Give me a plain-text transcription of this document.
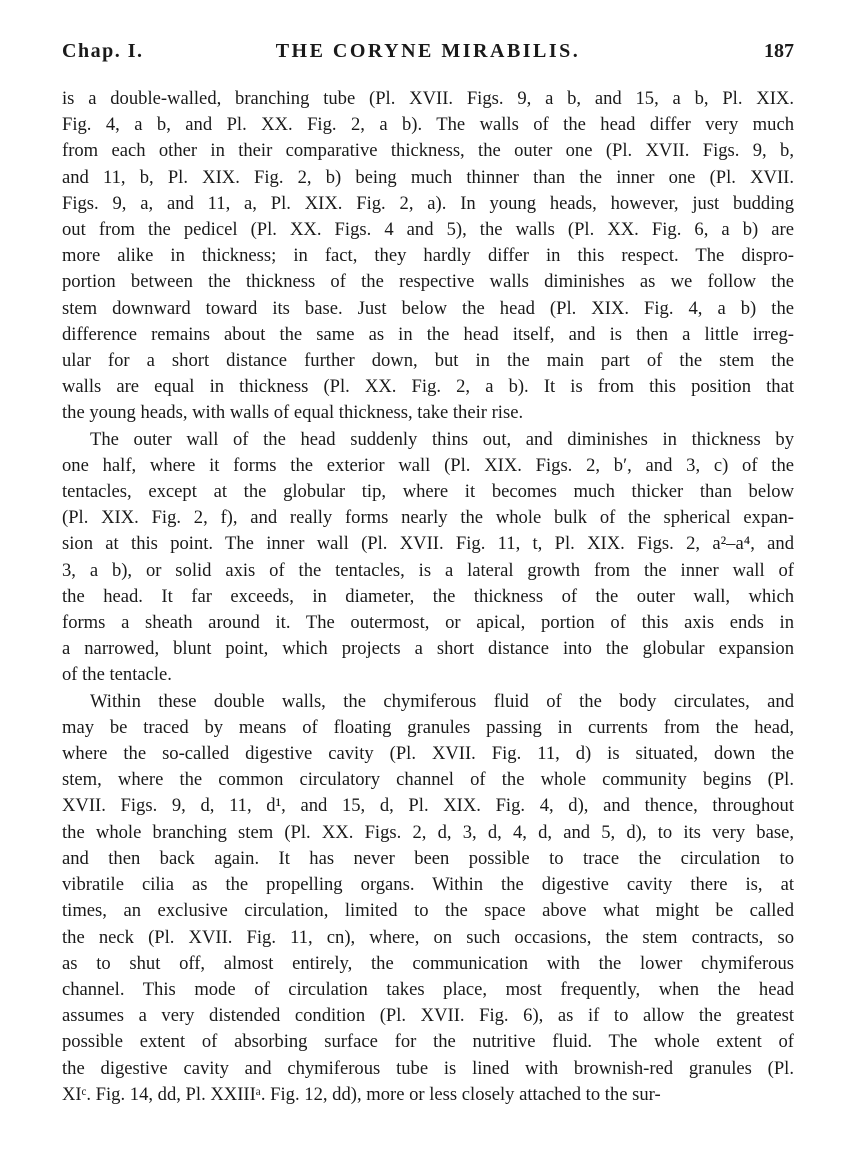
Chap. I.	THE CORYNE MIRABILIS.	187

is a double-walled, branching tube (Pl. XVII. Figs. 9, a b, and 15, a b, Pl. XIX.
Fig. 4, a b, and Pl. XX. Fig. 2, a b). The walls of the head differ very much
from each other in their comparative thickness, the outer one (Pl. XVII. Figs. 9, b,
and 11, b, Pl. XIX. Fig. 2, b) being much thinner than the inner one (Pl. XVII.
Figs. 9, a, and 11, a, Pl. XIX. Fig. 2, a). In young heads, however, just budding
out from the pedicel (Pl. XX. Figs. 4 and 5), the walls (Pl. XX. Fig. 6, a b) are
more alike in thickness; in fact, they hardly differ in this respect. The dispro-
portion between the thickness of the respective walls diminishes as we follow the
stem downward toward its base. Just below the head (Pl. XIX. Fig. 4, a b) the
difference remains about the same as in the head itself, and is then a little irreg-
ular for a short distance further down, but in the main part of the stem the
walls are equal in thickness (Pl. XX. Fig. 2, a b). It is from this position that
the young heads, with walls of equal thickness, take their rise.

The outer wall of the head suddenly thins out, and diminishes in thickness by
one half, where it forms the exterior wall (Pl. XIX. Figs. 2, b′, and 3, c) of the
tentacles, except at the globular tip, where it becomes much thicker than below
(Pl. XIX. Fig. 2, f), and really forms nearly the whole bulk of the spherical expan-
sion at this point. The inner wall (Pl. XVII. Fig. 11, t, Pl. XIX. Figs. 2, a²–a⁴, and
3, a b), or solid axis of the tentacles, is a lateral growth from the inner wall of
the head. It far exceeds, in diameter, the thickness of the outer wall, which
forms a sheath around it. The outermost, or apical, portion of this axis ends in
a narrowed, blunt point, which projects a short distance into the globular expansion
of the tentacle.

Within these double walls, the chymiferous fluid of the body circulates, and
may be traced by means of floating granules passing in currents from the head,
where the so-called digestive cavity (Pl. XVII. Fig. 11, d) is situated, down the
stem, where the common circulatory channel of the whole community begins (Pl.
XVII. Figs. 9, d, 11, d¹, and 15, d, Pl. XIX. Fig. 4, d), and thence, throughout
the whole branching stem (Pl. XX. Figs. 2, d, 3, d, 4, d, and 5, d), to its very base,
and then back again. It has never been possible to trace the circulation to
vibratile cilia as the propelling organs. Within the digestive cavity there is, at
times, an exclusive circulation, limited to the space above what might be called
the neck (Pl. XVII. Fig. 11, cn), where, on such occasions, the stem contracts, so
as to shut off, almost entirely, the communication with the lower chymiferous
channel. This mode of circulation takes place, most frequently, when the head
assumes a very distended condition (Pl. XVII. Fig. 6), as if to allow the greatest
possible extent of absorbing surface for the nutritive fluid. The whole extent of
the digestive cavity and chymiferous tube is lined with brownish-red granules (Pl.
XIᶜ. Fig. 14, dd, Pl. XXIIIᵃ. Fig. 12, dd), more or less closely attached to the sur-
